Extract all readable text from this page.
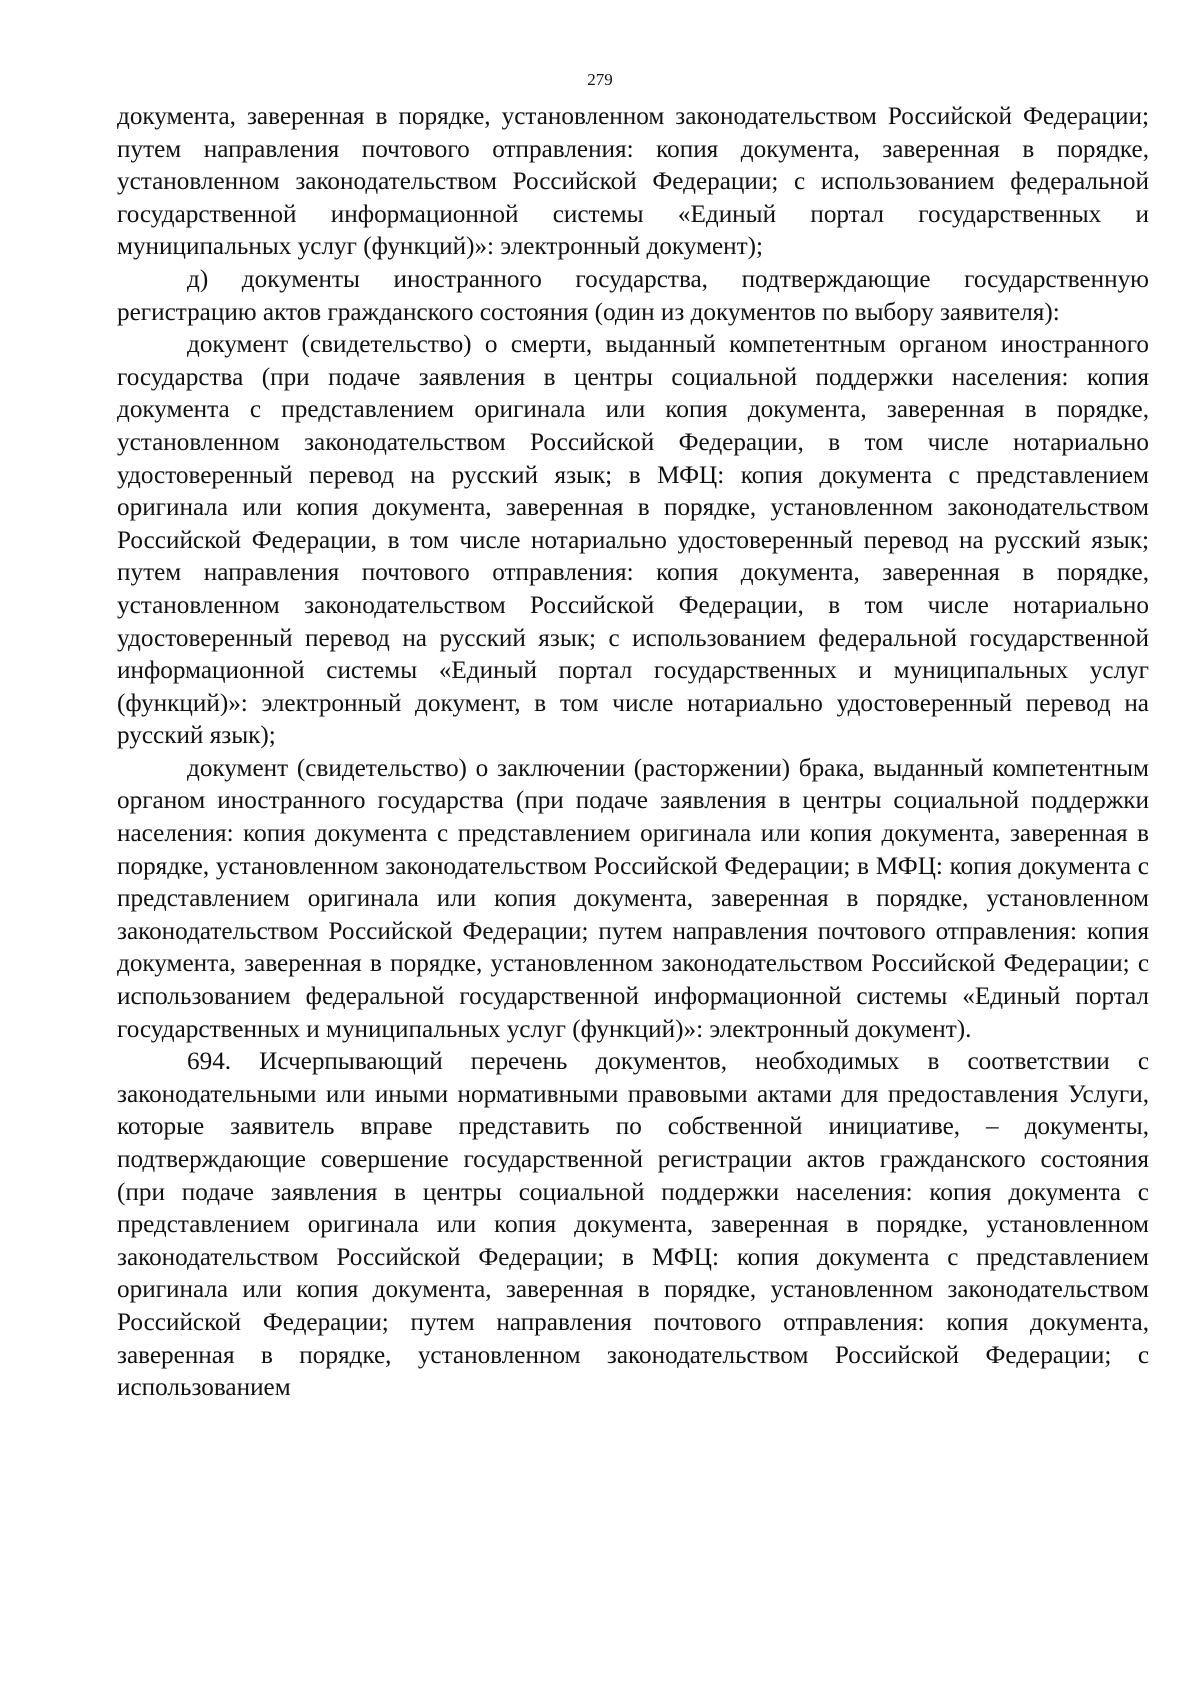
279

документа, заверенная в порядке, установленном законодательством Российской Федерации; путем направления почтового отправления: копия документа, заверенная в порядке, установленном законодательством Российской Федерации; с использованием федеральной государственной информационной системы «Единый портал государственных и муниципальных услуг (функций)»: электронный документ);

д) документы иностранного государства, подтверждающие государственную регистрацию актов гражданского состояния (один из документов по выбору заявителя):

документ (свидетельство) о смерти, выданный компетентным органом иностранного государства (при подаче заявления в центры социальной поддержки населения: копия документа с представлением оригинала или копия документа, заверенная в порядке, установленном законодательством Российской Федерации, в том числе нотариально удостоверенный перевод на русский язык; в МФЦ: копия документа с представлением оригинала или копия документа, заверенная в порядке, установленном законодательством Российской Федерации, в том числе нотариально удостоверенный перевод на русский язык; путем направления почтового отправления: копия документа, заверенная в порядке, установленном законодательством Российской Федерации, в том числе нотариально удостоверенный перевод на русский язык; с использованием федеральной государственной информационной системы «Единый портал государственных и муниципальных услуг (функций)»: электронный документ, в том числе нотариально удостоверенный перевод на русский язык);

документ (свидетельство) о заключении (расторжении) брака, выданный компетентным органом иностранного государства (при подаче заявления в центры социальной поддержки населения: копия документа с представлением оригинала или копия документа, заверенная в порядке, установленном законодательством Российской Федерации; в МФЦ: копия документа с представлением оригинала или копия документа, заверенная в порядке, установленном законодательством Российской Федерации; путем направления почтового отправления: копия документа, заверенная в порядке, установленном законодательством Российской Федерации; с использованием федеральной государственной информационной системы «Единый портал государственных и муниципальных услуг (функций)»: электронный документ).

694. Исчерпывающий перечень документов, необходимых в соответствии с законодательными или иными нормативными правовыми актами для предоставления Услуги, которые заявитель вправе представить по собственной инициативе, – документы, подтверждающие совершение государственной регистрации актов гражданского состояния (при подаче заявления в центры социальной поддержки населения: копия документа с представлением оригинала или копия документа, заверенная в порядке, установленном законодательством Российской Федерации; в МФЦ: копия документа с представлением оригинала или копия документа, заверенная в порядке, установленном законодательством Российской Федерации; путем направления почтового отправления: копия документа, заверенная в порядке, установленном законодательством Российской Федерации; с использованием
